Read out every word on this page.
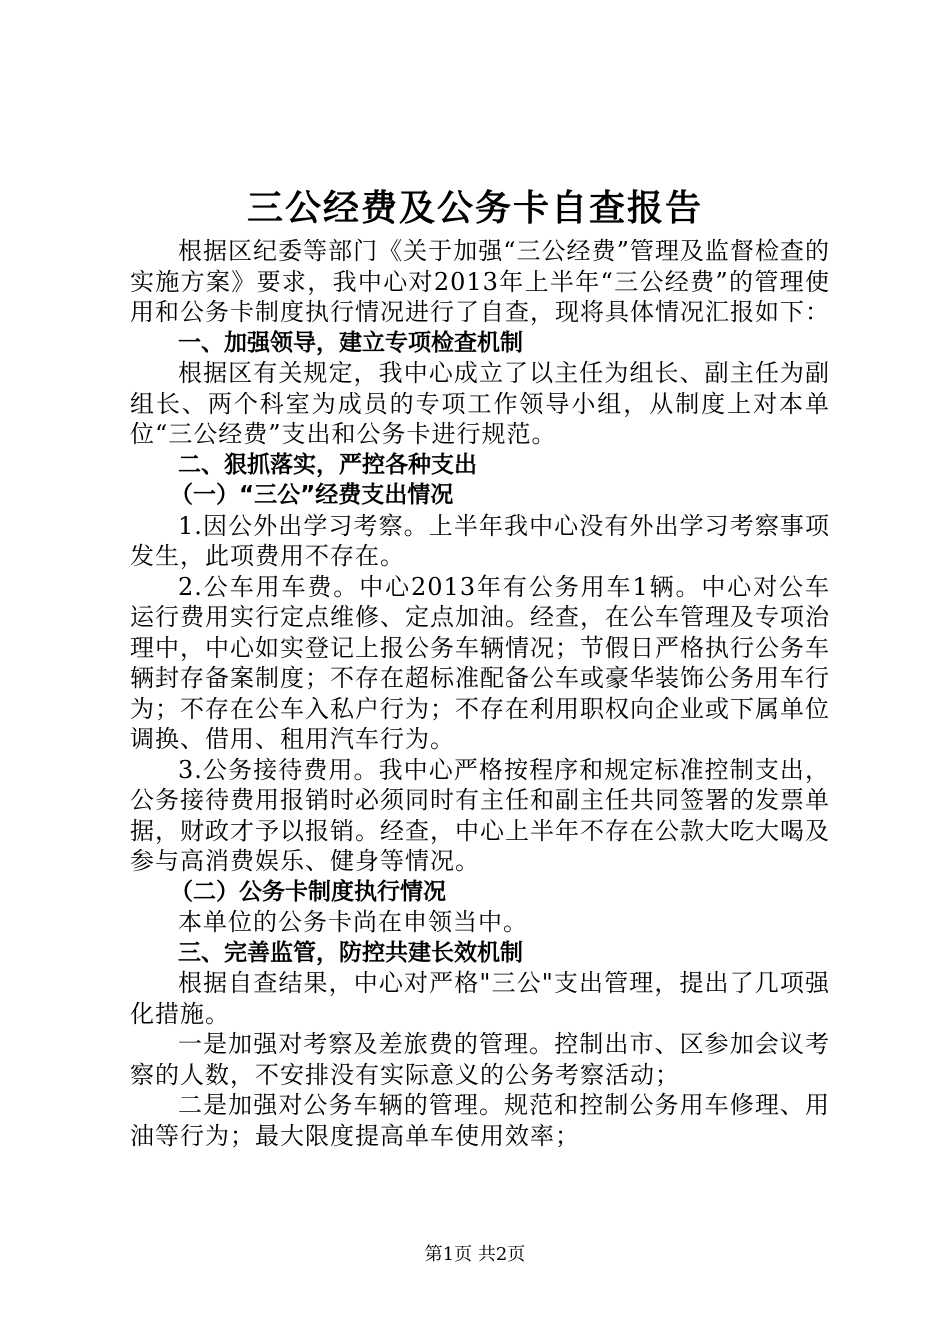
三公经费及公务卡自查报告

根据区纪委等部门《关于加强“三公经费”管理及监督检查的实施方案》要求，我中心对2013年上半年“三公经费”的管理使用和公务卡制度执行情况进行了自查，现将具体情况汇报如下：

一、加强领导，建立专项检查机制

根据区有关规定，我中心成立了以主任为组长、副主任为副组长、两个科室为成员的专项工作领导小组，从制度上对本单位“三公经费”支出和公务卡进行规范。

二、狠抓落实，严控各种支出

（一）“三公”经费支出情况

1.因公外出学习考察。上半年我中心没有外出学习考察事项发生，此项费用不存在。

2.公车用车费。中心2013年有公务用车1辆。中心对公车运行费用实行定点维修、定点加油。经查，在公车管理及专项治理中，中心如实登记上报公务车辆情况；节假日严格执行公务车辆封存备案制度；不存在超标准配备公车或豪华装饰公务用车行为；不存在公车入私户行为；不存在利用职权向企业或下属单位调换、借用、租用汽车行为。

3.公务接待费用。我中心严格按程序和规定标准控制支出，公务接待费用报销时必须同时有主任和副主任共同签署的发票单据，财政才予以报销。经查，中心上半年不存在公款大吃大喝及参与高消费娱乐、健身等情况。

（二）公务卡制度执行情况

本单位的公务卡尚在申领当中。

三、完善监管，防控共建长效机制

根据自查结果，中心对严格"三公"支出管理，提出了几项强化措施。

一是加强对考察及差旅费的管理。控制出市、区参加会议考察的人数，不安排没有实际意义的公务考察活动；

二是加强对公务车辆的管理。规范和控制公务用车修理、用油等行为；最大限度提高单车使用效率；

第1页 共2页
